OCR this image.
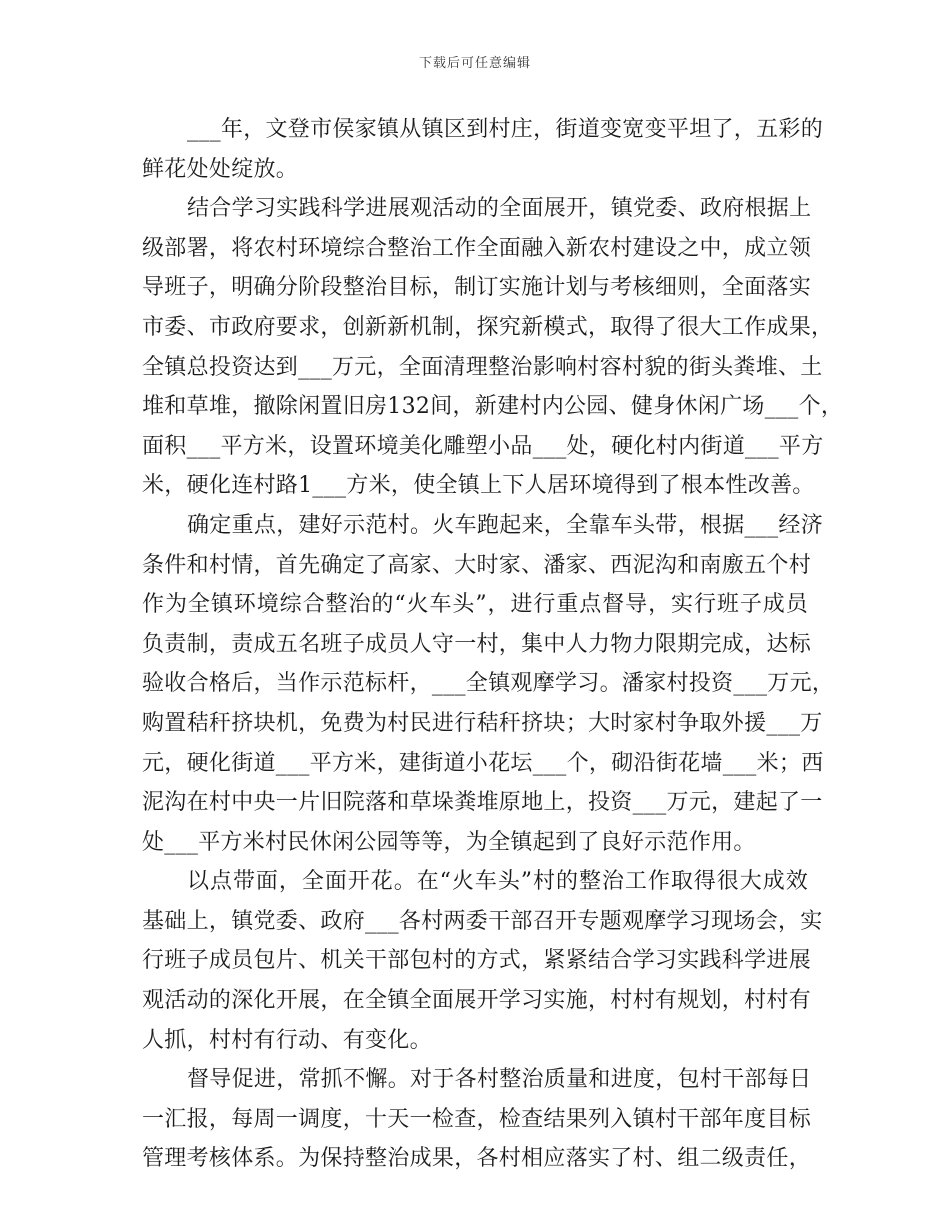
下载后可任意编辑
___年，文登市侯家镇从镇区到村庄，街道变宽变平坦了，五彩的
鲜花处处绽放。
结合学习实践科学进展观活动的全面展开，镇党委、政府根据上
级部署，将农村环境综合整治工作全面融入新农村建设之中，成立领
导班子，明确分阶段整治目标，制订实施计划与考核细则，全面落实
市委、市政府要求，创新新机制，探究新模式，取得了很大工作成果，
全镇总投资达到___万元，全面清理整治影响村容村貌的街头粪堆、土
堆和草堆，撤除闲置旧房132间，新建村内公园、健身休闲广场___个，
面积___平方米，设置环境美化雕塑小品___处，硬化村内街道___平方
米，硬化连村路1___方米，使全镇上下人居环境得到了根本性改善。
确定重点，建好示范村。火车跑起来，全靠车头带，根据___经济
条件和村情，首先确定了高家、大时家、潘家、西泥沟和南廒五个村
作为全镇环境综合整治的“火车头”，进行重点督导，实行班子成员
负责制，责成五名班子成员人守一村，集中人力物力限期完成，达标
验收合格后，当作示范标杆，___全镇观摩学习。潘家村投资___万元，
购置秸秆挤块机，免费为村民进行秸秆挤块；大时家村争取外援___万
元，硬化街道___平方米，建街道小花坛___个，砌沿街花墙___米；西
泥沟在村中央一片旧院落和草垛粪堆原地上，投资___万元，建起了一
处___平方米村民休闲公园等等，为全镇起到了良好示范作用。
以点带面，全面开花。在“火车头”村的整治工作取得很大成效
基础上，镇党委、政府___各村两委干部召开专题观摩学习现场会，实
行班子成员包片、机关干部包村的方式，紧紧结合学习实践科学进展
观活动的深化开展，在全镇全面展开学习实施，村村有规划，村村有
人抓，村村有行动、有变化。
督导促进，常抓不懈。对于各村整治质量和进度，包村干部每日
一汇报，每周一调度，十天一检查，检查结果列入镇村干部年度目标
管理考核体系。为保持整治成果，各村相应落实了村、组二级责任，
